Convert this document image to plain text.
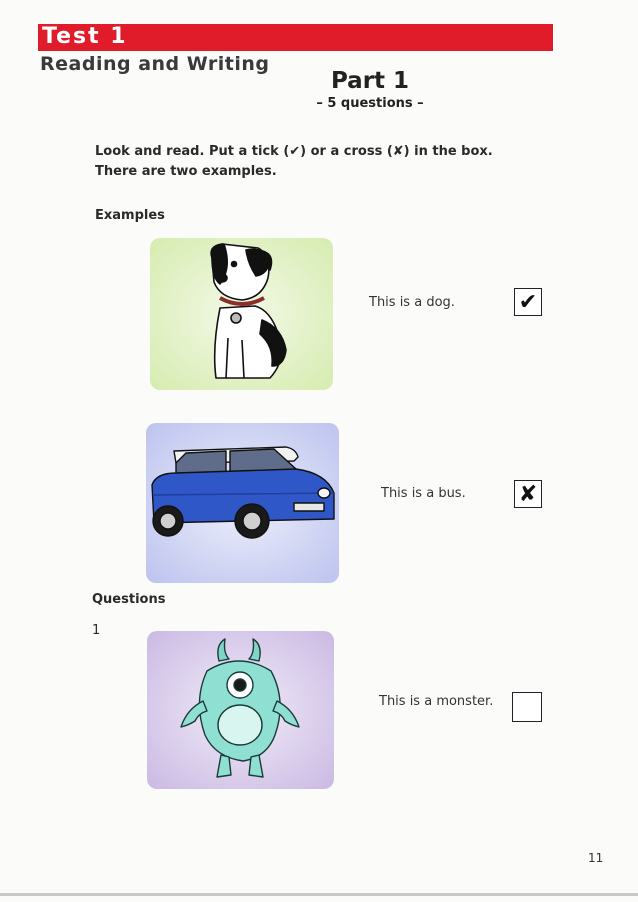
Test 1
Reading and Writing
Part 1
– 5 questions –
Look and read. Put a tick (✔) or a cross (✘) in the box.
There are two examples.
Examples
This is a dog.	✔
This is a bus. ✘
Questions
1
This is a monster.
11
